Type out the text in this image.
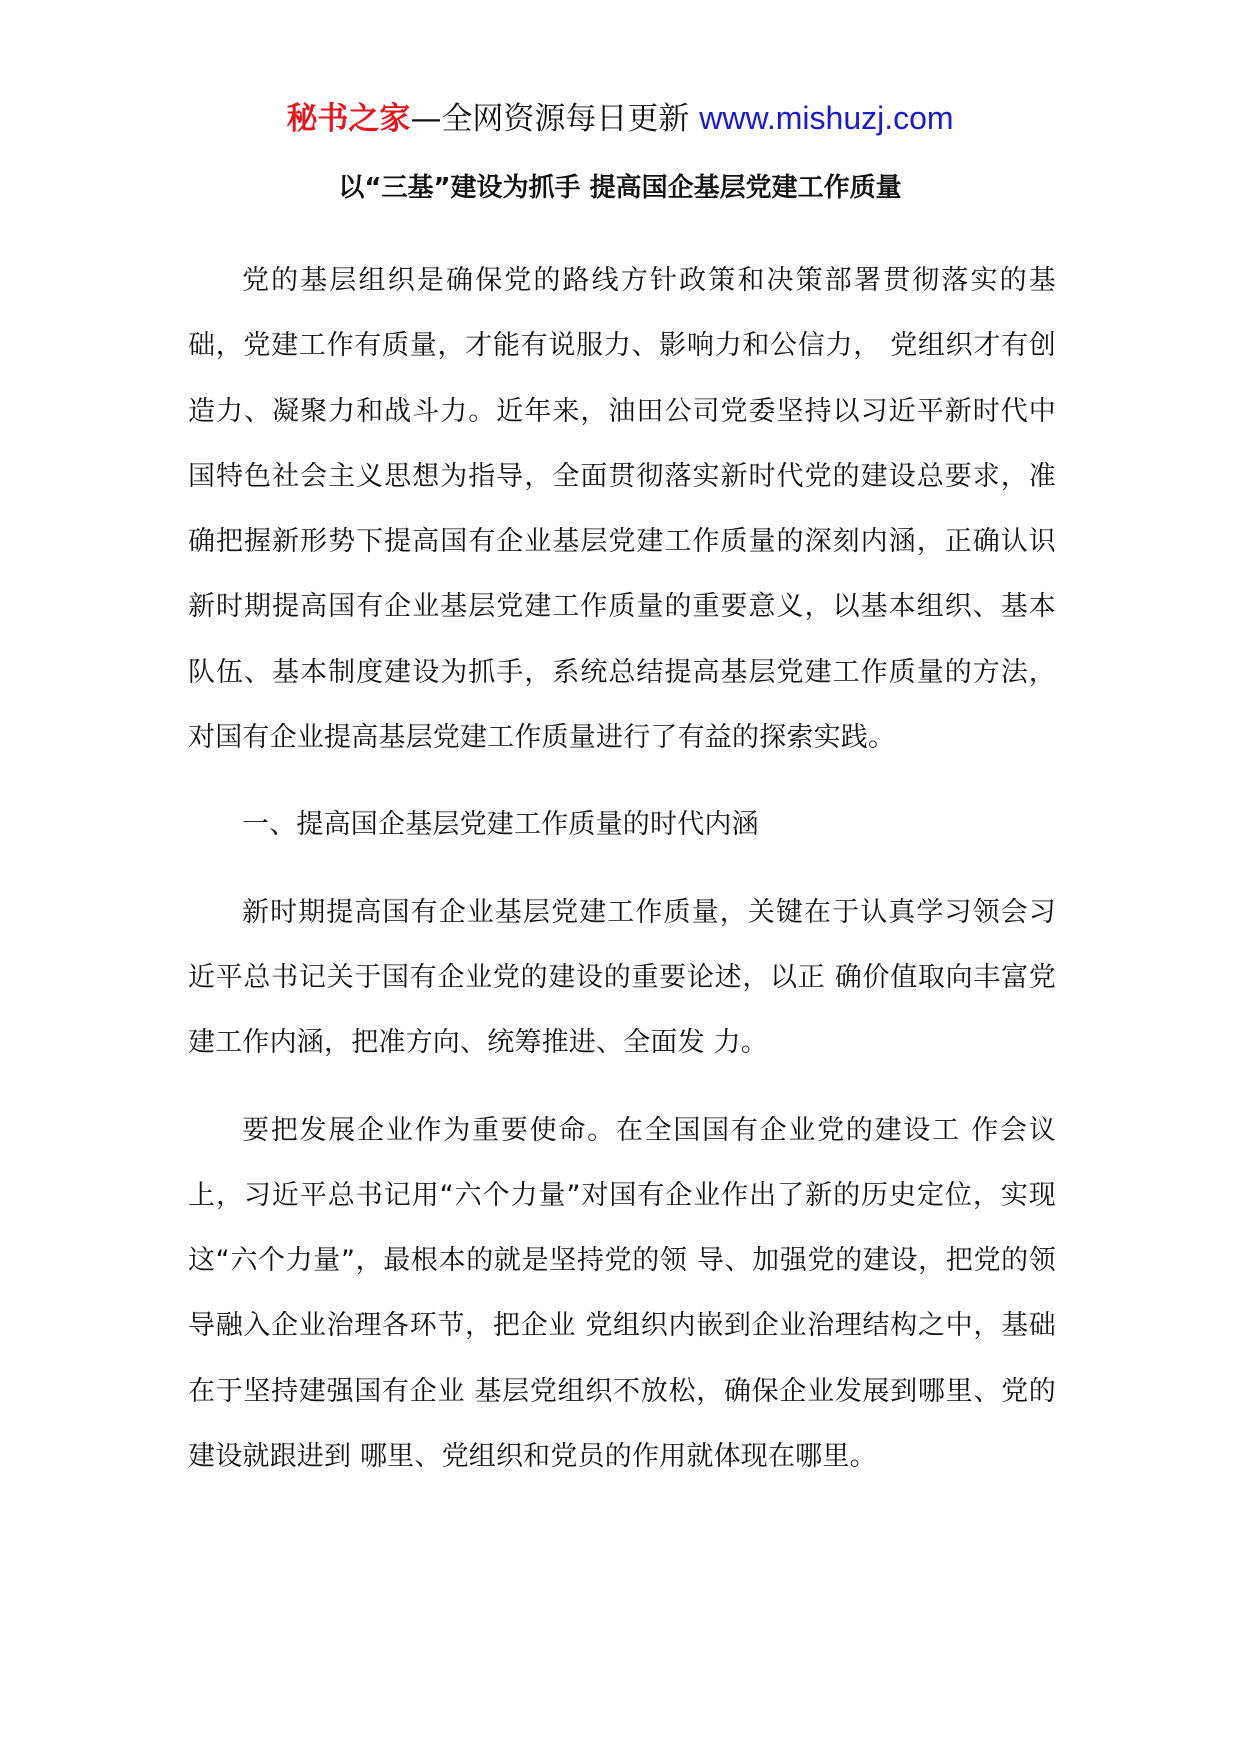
秘书之家—全网资源每日更新 www.mishuzj.com
以“三基”建设为抓手 提高国企基层党建工作质量

党的基层组织是确保党的路线方针政策和决策部署贯彻落实的基础，党建工作有质量，才能有说服力、影响力和公信力， 党组织才有创造力、凝聚力和战斗力。近年来，油田公司党委坚持以习近平新时代中国特色社会主义思想为指导，全面贯彻落实新时代党的建设总要求，准确把握新形势下提高国有企业基层党建工作质量的深刻内涵，正确认识新时期提高国有企业基层党建工作质量的重要意义，以基本组织、基本队伍、基本制度建设为抓手，系统总结提高基层党建工作质量的方法，对国有企业提高基层党建工作质量进行了有益的探索实践。

一、提高国企基层党建工作质量的时代内涵

新时期提高国有企业基层党建工作质量，关键在于认真学习领会习近平总书记关于国有企业党的建设的重要论述，以正 确价值取向丰富党建工作内涵，把准方向、统筹推进、全面发 力。

要把发展企业作为重要使命。在全国国有企业党的建设工 作会议上，习近平总书记用“六个力量”对国有企业作出了新的历史定位，实现这“六个力量”，最根本的就是坚持党的领 导、加强党的建设，把党的领导融入企业治理各环节，把企业 党组织内嵌到企业治理结构之中，基础在于坚持建强国有企业 基层党组织不放松，确保企业发展到哪里、党的建设就跟进到 哪里、党组织和党员的作用就体现在哪里。
